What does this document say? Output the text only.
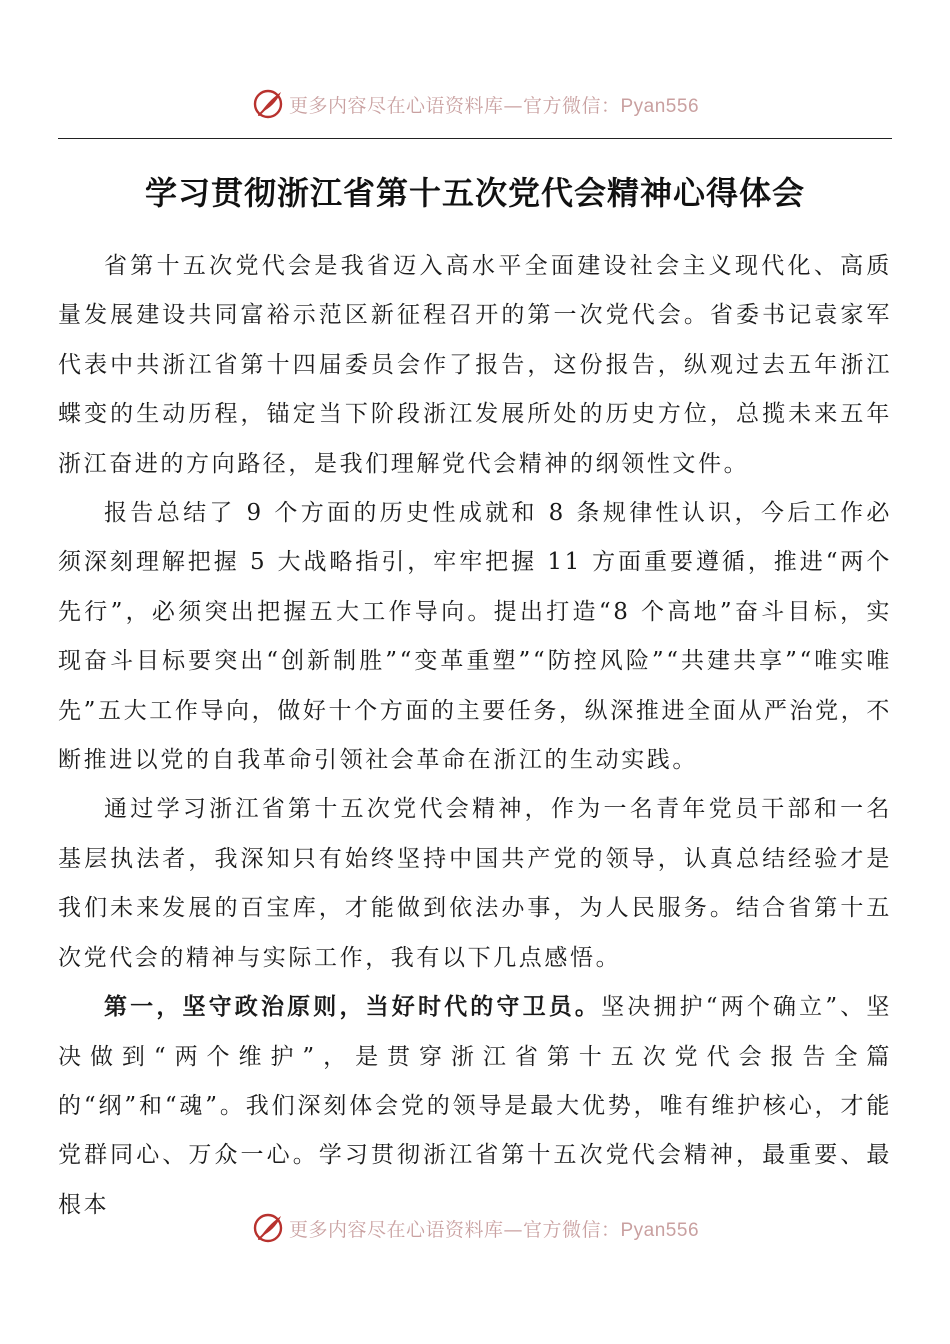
更多内容尽在心语资料库—官方微信：Pyan556
学习贯彻浙江省第十五次党代会精神心得体会

省第十五次党代会是我省迈入高水平全面建设社会主义现代化、高质量发展建设共同富裕示范区新征程召开的第一次党代会。省委书记袁家军代表中共浙江省第十四届委员会作了报告，这份报告，纵观过去五年浙江蝶变的生动历程，锚定当下阶段浙江发展所处的历史方位，总揽未来五年浙江奋进的方向路径，是我们理解党代会精神的纲领性文件。

报告总结了 9 个方面的历史性成就和 8 条规律性认识，今后工作必须深刻理解把握 5 大战略指引，牢牢把握 11 方面重要遵循，推进“两个先行”，必须突出把握五大工作导向。提出打造“8 个高地”奋斗目标，实现奋斗目标要突出“创新制胜”“变革重塑”“防控风险”“共建共享”“唯实唯先”五大工作导向，做好十个方面的主要任务，纵深推进全面从严治党，不断推进以党的自我革命引领社会革命在浙江的生动实践。

通过学习浙江省第十五次党代会精神，作为一名青年党员干部和一名基层执法者，我深知只有始终坚持中国共产党的领导，认真总结经验才是我们未来发展的百宝库，才能做到依法办事，为人民服务。结合省第十五次党代会的精神与实际工作，我有以下几点感悟。

第一，坚守政治原则，当好时代的守卫员。坚决拥护“两个确立”、坚决做到“两个维护”，是贯穿浙江省第十五次党代会报告全篇的“纲”和“魂”。我们深刻体会党的领导是最大优势，唯有维护核心，才能党群同心、万众一心。学习贯彻浙江省第十五次党代会精神，最重要、最根本

更多内容尽在心语资料库—官方微信：Pyan556
